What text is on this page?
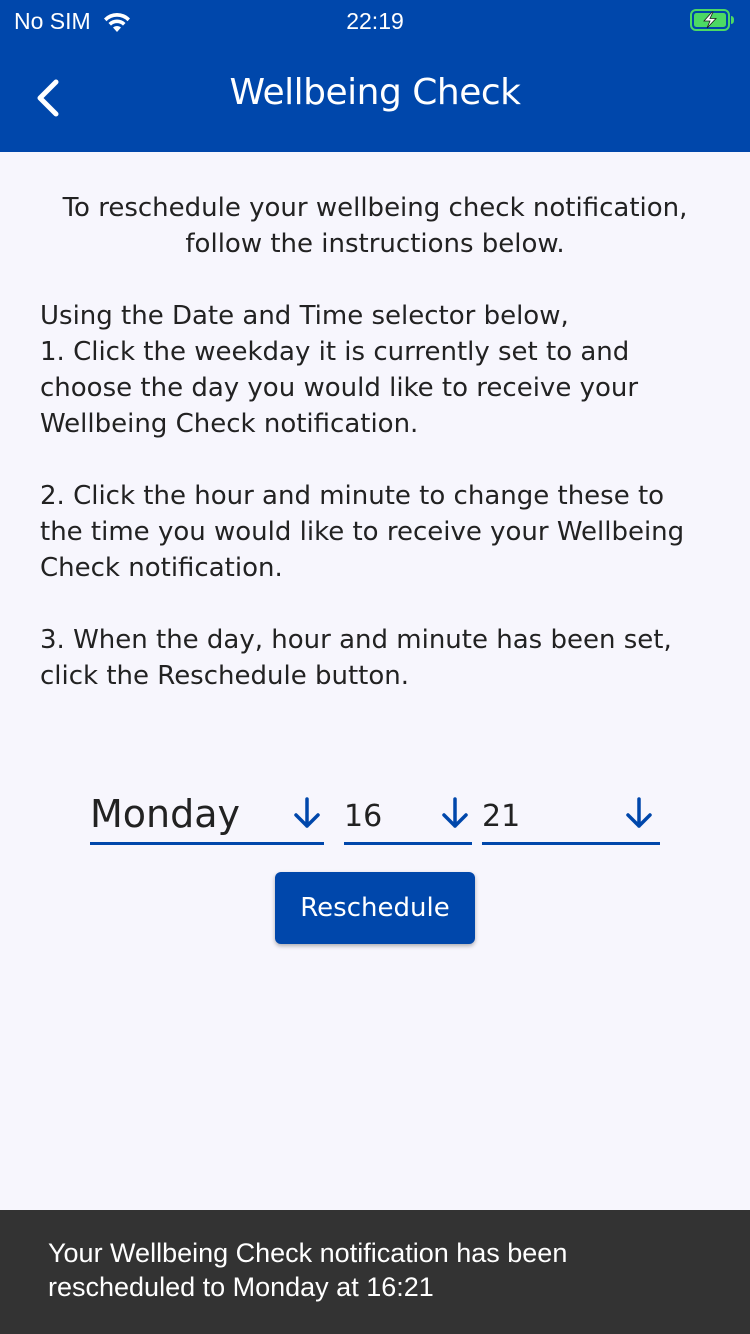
No SIM	22:19
Wellbeing Check

To reschedule your wellbeing check notification, follow the instructions below.

Using the Date and Time selector below,
1. Click the weekday it is currently set to and choose the day you would like to receive your Wellbeing Check notification.

2. Click the hour and minute to change these to the time you would like to receive your Wellbeing Check notification.

3. When the day, hour and minute has been set, click the Reschedule button.

Monday	16	21
Reschedule
Your Wellbeing Check notification has been
rescheduled to Monday at 16:21
